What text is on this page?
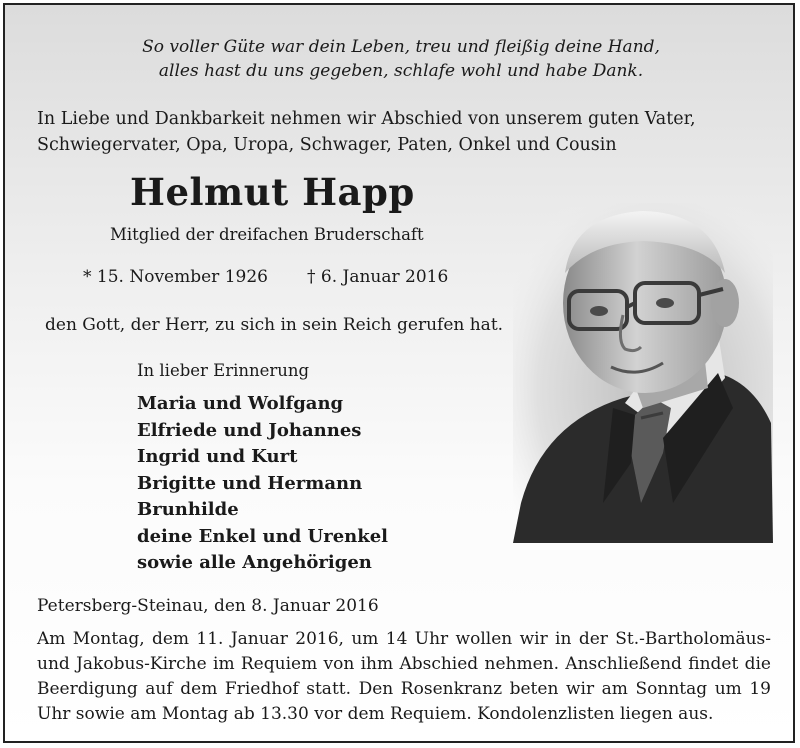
So voller Güte war dein Leben, treu und fleißig deine Hand,
alles hast du uns gegeben, schlafe wohl und habe Dank.
In Liebe und Dankbarkeit nehmen wir Abschied von unserem guten Vater,
Schwiegervater, Opa, Uropa, Schwager, Paten, Onkel und Cousin
Helmut Happ
Mitglied der dreifachen Bruderschaft
* 15. November 1926 † 6. Januar 2016
den Gott, der Herr, zu sich in sein Reich gerufen hat.
In lieber Erinnerung
Maria und Wolfgang
Elfriede und Johannes
Ingrid und Kurt
Brigitte und Hermann
Brunhilde
deine Enkel und Urenkel
sowie alle Angehörigen
Petersberg-Steinau, den 8. Januar 2016
Am Montag, dem 11. Januar 2016, um 14 Uhr wollen wir in der St.-Bartholomäus-und Jakobus-Kirche im Requiem von ihm Abschied nehmen. Anschließend findet die Beerdigung auf dem Friedhof statt. Den Rosenkranz beten wir am Sonntag um 19 Uhr sowie am Montag ab 13.30 vor dem Requiem. Kondolenzlisten liegen aus.
